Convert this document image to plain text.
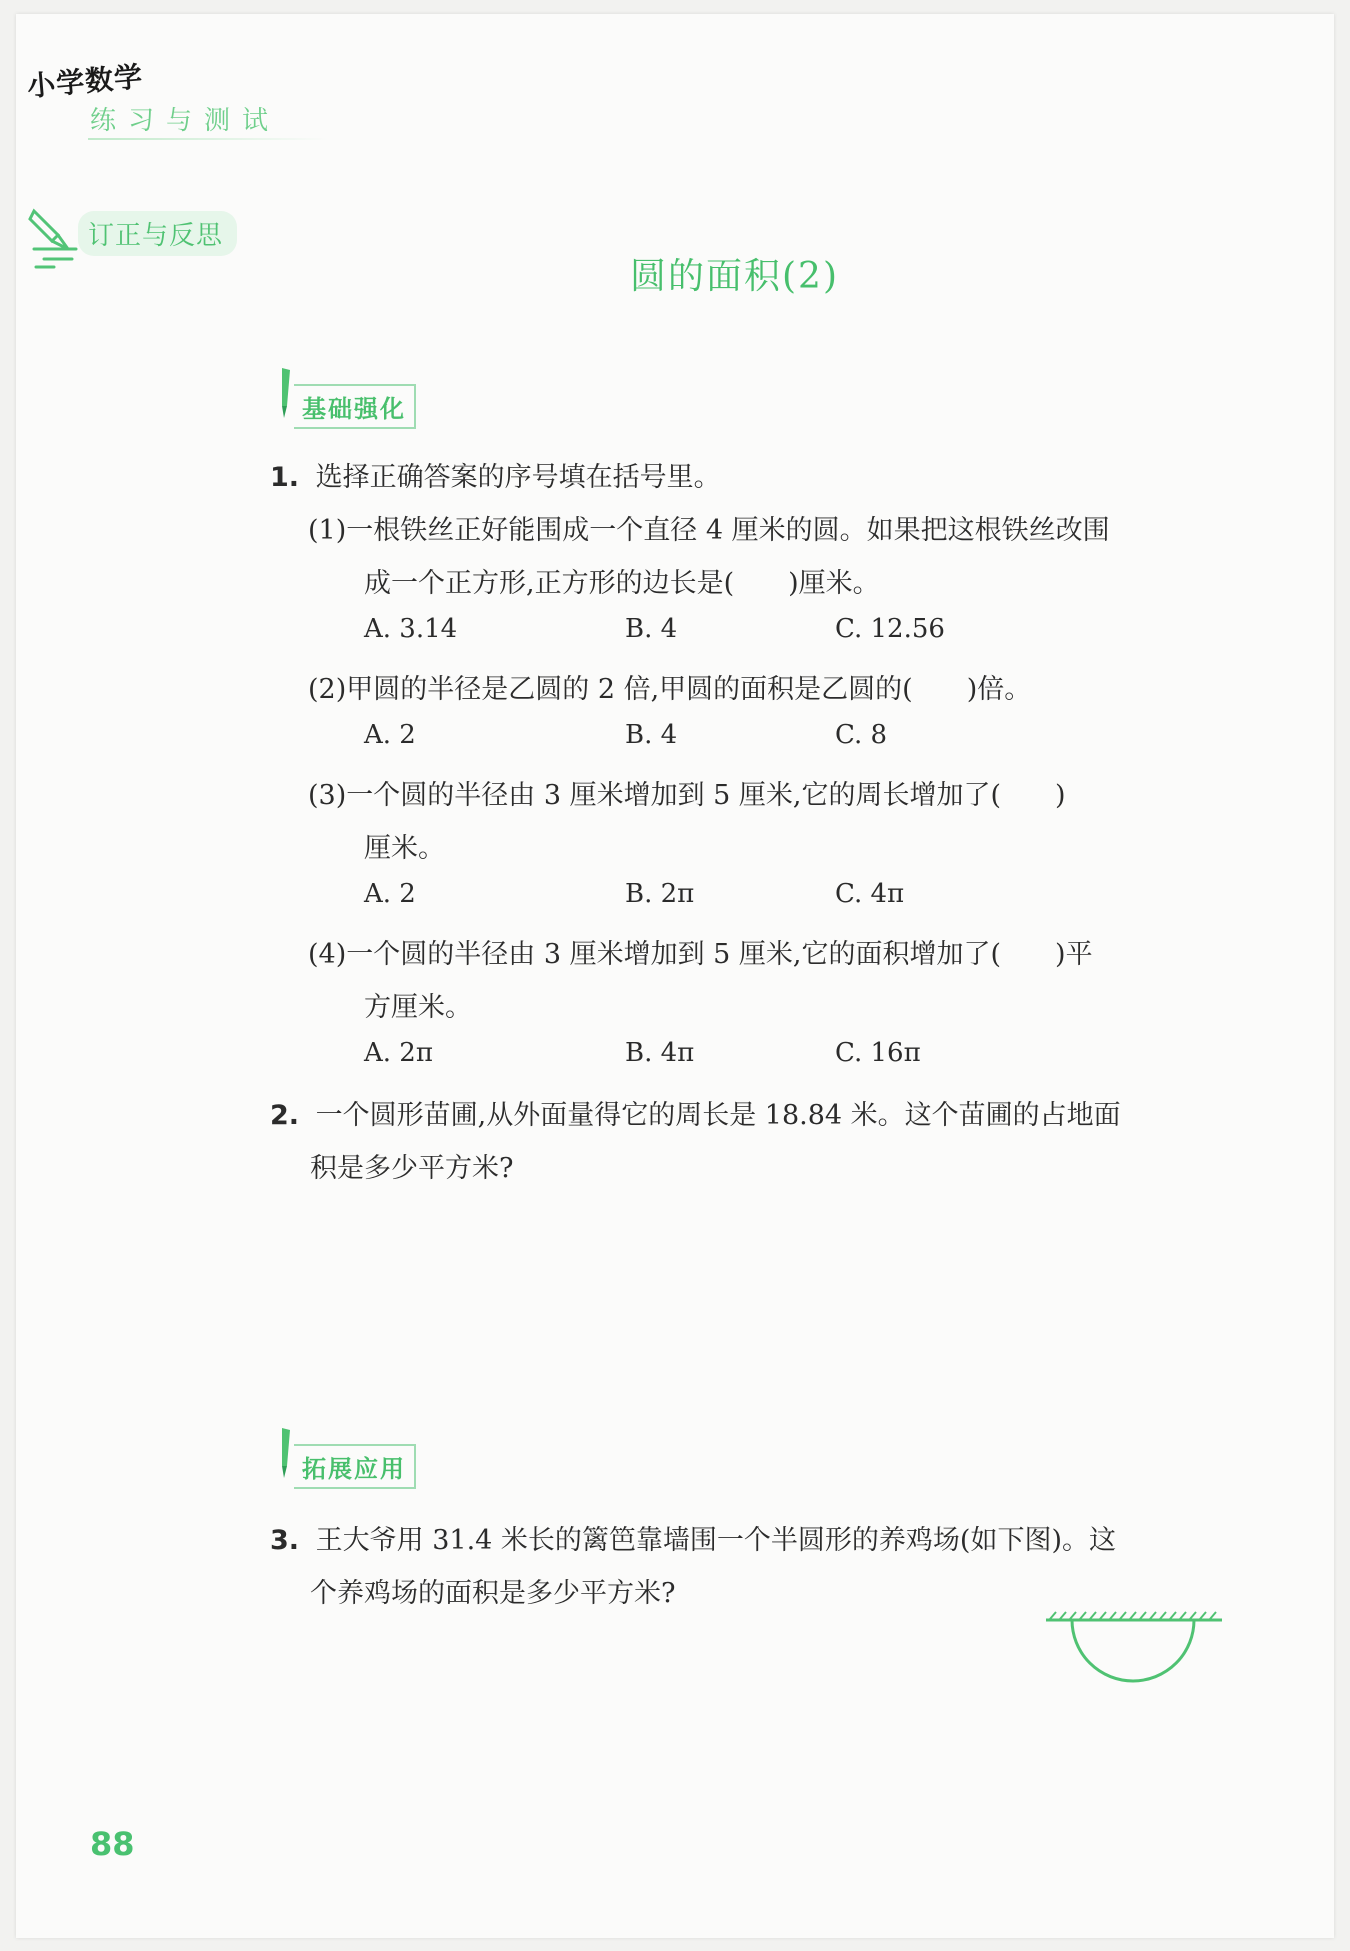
小学数学
练习与测试
订正与反思
圆的面积(2)
基础强化
1. 选择正确答案的序号填在括号里。
(1)一根铁丝正好能围成一个直径 4 厘米的圆。如果把这根铁丝改围
成一个正方形,正方形的边长是(　　)厘米。
A. 3.14	B. 4	C. 12.56
(2)甲圆的半径是乙圆的 2 倍,甲圆的面积是乙圆的(　　)倍。
A. 2	B. 4	C. 8
(3)一个圆的半径由 3 厘米增加到 5 厘米,它的周长增加了(　　)
厘米。
A. 2	B. 2π	C. 4π
(4)一个圆的半径由 3 厘米增加到 5 厘米,它的面积增加了(　　)平
方厘米。
A. 2π	B. 4π	C. 16π
2. 一个圆形苗圃,从外面量得它的周长是 18.84 米。这个苗圃的占地面
积是多少平方米?
拓展应用
3. 王大爷用 31.4 米长的篱笆靠墙围一个半圆形的养鸡场(如下图)。这
个养鸡场的面积是多少平方米?
88
